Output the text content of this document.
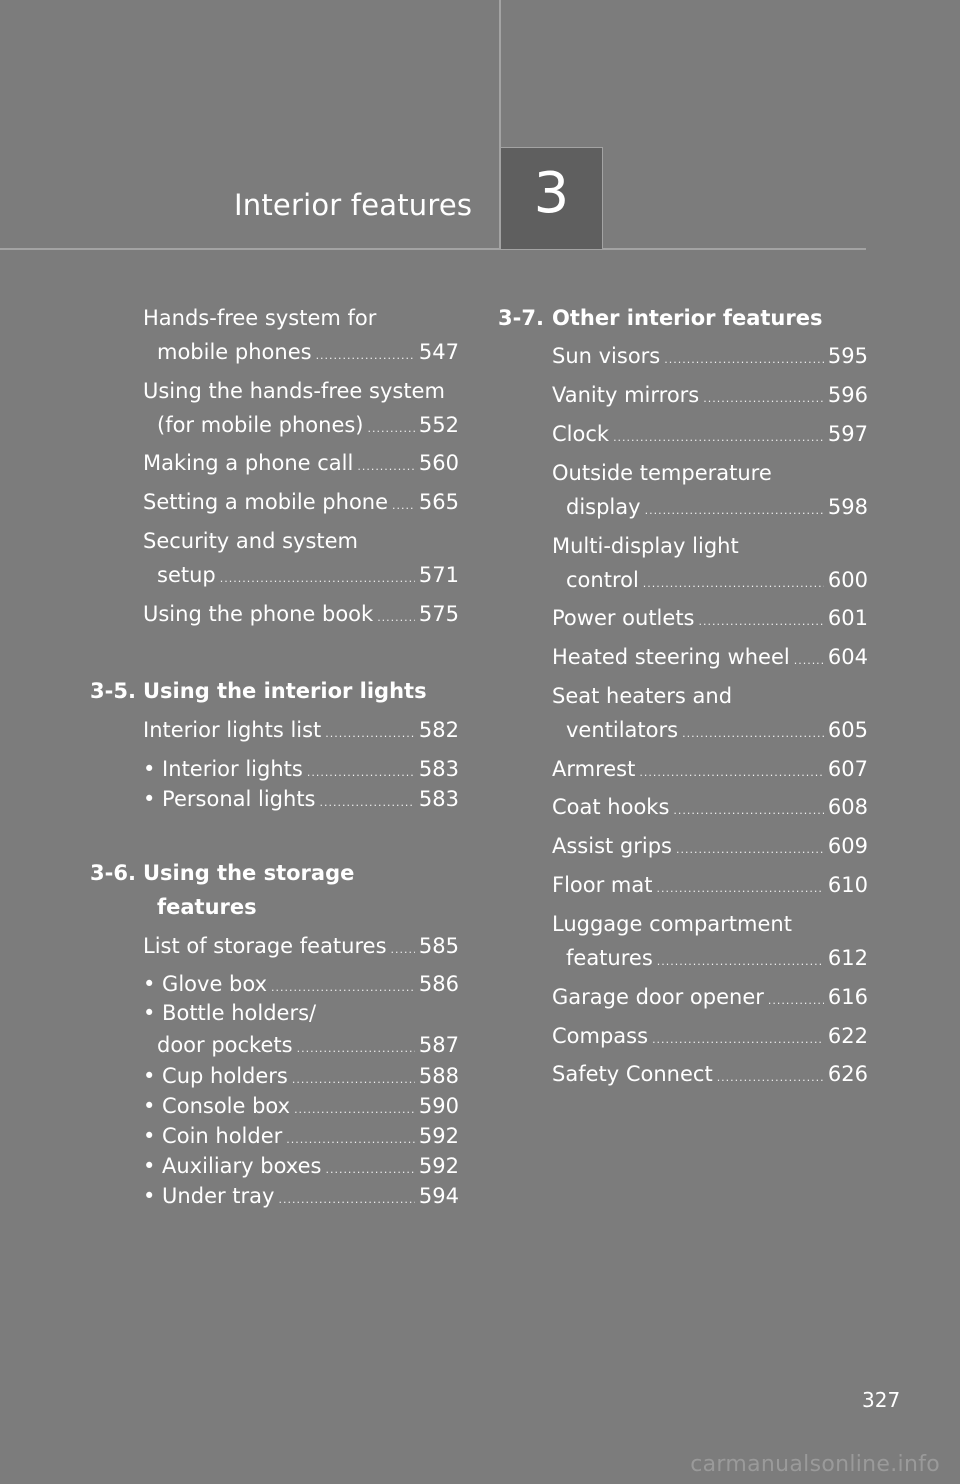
Interior features	3
Hands-free system for
mobile phones .....	547
Using the hands-free system
(for mobile phones) .....	552
Making a phone call .....	560
Setting a mobile phone ..... 565
Security and system
setup .....	571
Using the phone book ..... 575
3-5. Using the interior lights
Interior lights list .....	582
• Interior lights .....	583
• Personal lights .....	583
3-6. Using the storage
features
List of storage features ..... 585
• Glove box .....	586
• Bottle holders/
door pockets .....	587
• Cup holders .....	588
• Console box .....	590
• Coin holder .....	592
• Auxiliary boxes .....	592
• Under tray .....	594
3-7. Other interior features
Sun visors .....	595
Vanity mirrors .....	596
Clock .....	597
Outside temperature
display .....	598
Multi-display light
control .....	600
Power outlets .....	601
Heated steering wheel ..... 604
Seat heaters and
ventilators .....	605
Armrest .....	607
Coat hooks .....	608
Assist grips .....	609
Floor mat .....	610
Luggage compartment
features .....	612
Garage door opener .....	616
Compass .....	622
Safety Connect .....	626
327
carmanualsonline.info
